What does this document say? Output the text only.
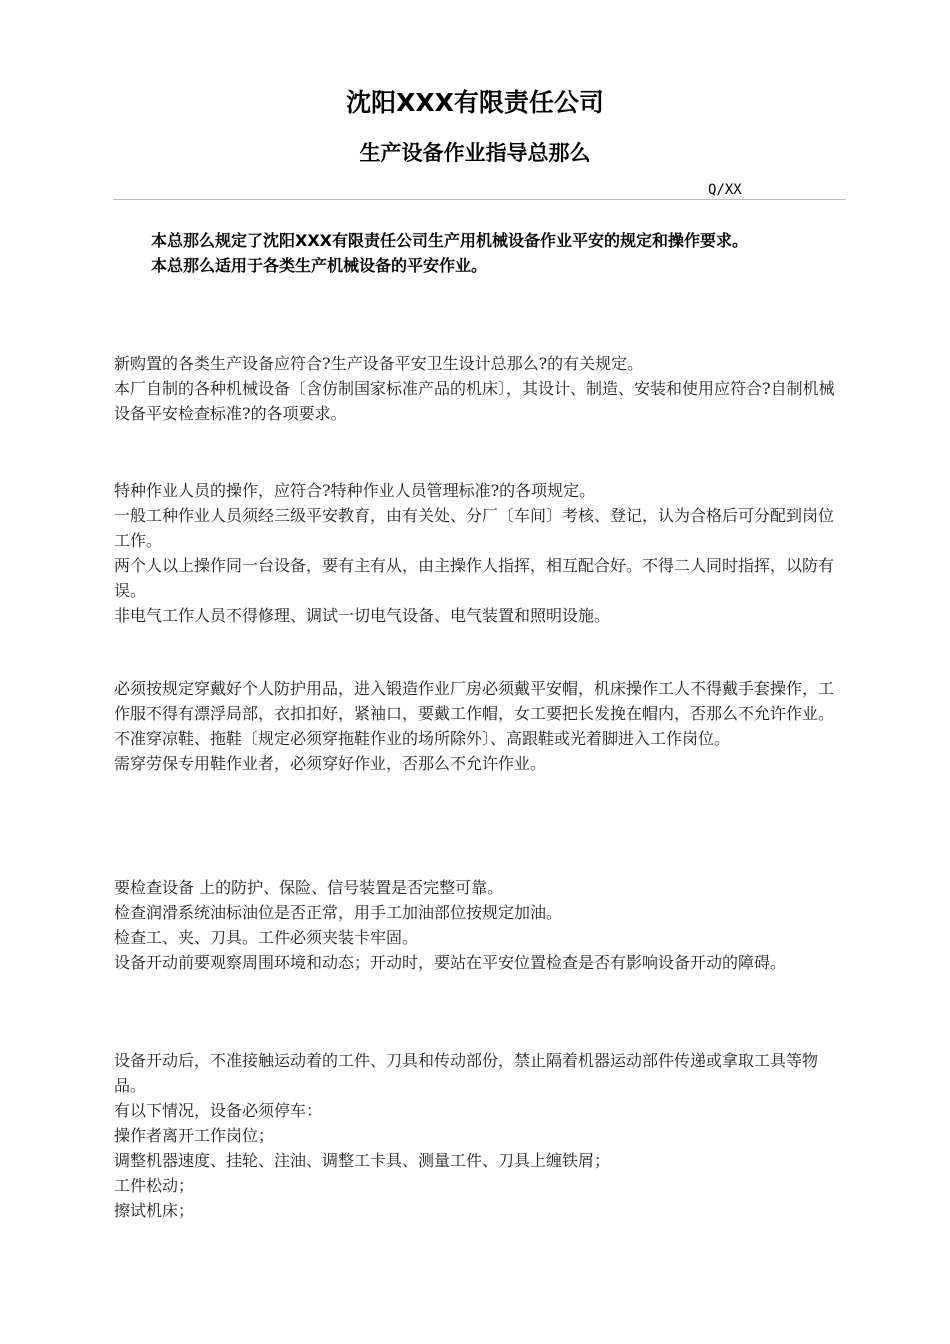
沈阳XXX有限责任公司
生产设备作业指导总那么
Q/XX

本总那么规定了沈阳XXX有限责任公司生产用机械设备作业平安的规定和操作要求。

本总那么适用于各类生产机械设备的平安作业。

新购置的各类生产设备应符合?生产设备平安卫生设计总那么?的有关规定。

本厂自制的各种机械设备〔含仿制国家标准产品的机床〕，其设计、制造、安装和使用应符合?自制机械设备平安检查标准?的各项要求。

特种作业人员的操作，应符合?特种作业人员管理标准?的各项规定。

一般工种作业人员须经三级平安教育，由有关处、分厂〔车间〕考核、登记，认为合格后可分配到岗位工作。

两个人以上操作同一台设备，要有主有从，由主操作人指挥，相互配合好。不得二人同时指挥，以防有误。

非电气工作人员不得修理、调试一切电气设备、电气装置和照明设施。

必须按规定穿戴好个人防护用品，进入锻造作业厂房必须戴平安帽，机床操作工人不得戴手套操作，工作服不得有漂浮局部，衣扣扣好，紧袖口，要戴工作帽，女工要把长发挽在帽内，否那么不允许作业。

不准穿凉鞋、拖鞋〔规定必须穿拖鞋作业的场所除外〕、高跟鞋或光着脚进入工作岗位。

需穿劳保专用鞋作业者，必须穿好作业，否那么不允许作业。

要检查设备 上的防护、保险、信号装置是否完整可靠。

检查润滑系统油标油位是否正常，用手工加油部位按规定加油。

检查工、夹、刀具。工件必须夹装卡牢固。

设备开动前要观察周围环境和动态；开动时，要站在平安位置检查是否有影响设备开动的障碍。

设备开动后，不准接触运动着的工件、刀具和传动部份，禁止隔着机器运动部件传递或拿取工具等物品。

有以下情况，设备必须停车：

操作者离开工作岗位；

调整机器速度、挂轮、注油、调整工卡具、测量工件、刀具上缠铁屑；

工件松动；

擦试机床；
